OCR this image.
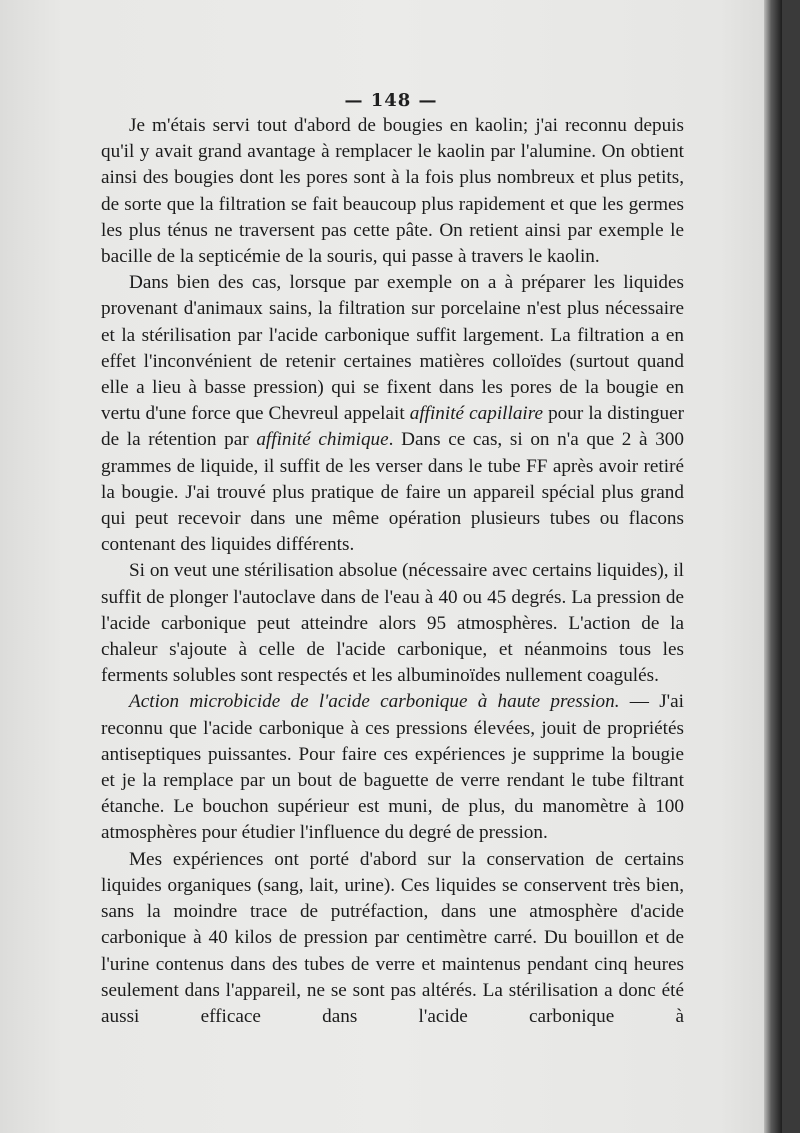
— 148 —

Je m'étais servi tout d'abord de bougies en kaolin; j'ai reconnu depuis qu'il y avait grand avantage à remplacer le kaolin par l'alumine. On obtient ainsi des bougies dont les pores sont à la fois plus nombreux et plus petits, de sorte que la filtration se fait beaucoup plus rapidement et que les germes les plus ténus ne traversent pas cette pâte. On retient ainsi par exemple le bacille de la septicémie de la souris, qui passe à travers le kaolin.

Dans bien des cas, lorsque par exemple on a à préparer les liquides provenant d'animaux sains, la filtration sur porcelaine n'est plus nécessaire et la stérilisation par l'acide carbonique suffit largement. La filtration a en effet l'inconvénient de retenir certaines matières colloïdes (surtout quand elle a lieu à basse pression) qui se fixent dans les pores de la bougie en vertu d'une force que Chevreul appelait affinité capillaire pour la distinguer de la rétention par affinité chimique. Dans ce cas, si on n'a que 2 à 300 grammes de liquide, il suffit de les verser dans le tube FF après avoir retiré la bougie. J'ai trouvé plus pratique de faire un appareil spécial plus grand qui peut recevoir dans une même opération plusieurs tubes ou flacons contenant des liquides différents.

Si on veut une stérilisation absolue (nécessaire avec certains liquides), il suffit de plonger l'autoclave dans de l'eau à 40 ou 45 degrés. La pression de l'acide carbonique peut atteindre alors 95 atmosphères. L'action de la chaleur s'ajoute à celle de l'acide carbonique, et néanmoins tous les ferments solubles sont respectés et les albuminoïdes nullement coagulés.

Action microbicide de l'acide carbonique à haute pression. — J'ai reconnu que l'acide carbonique à ces pressions élevées, jouit de propriétés antiseptiques puissantes. Pour faire ces expériences je supprime la bougie et je la remplace par un bout de baguette de verre rendant le tube filtrant étanche. Le bouchon supérieur est muni, de plus, du manomètre à 100 atmosphères pour étudier l'influence du degré de pression.

Mes expériences ont porté d'abord sur la conservation de certains liquides organiques (sang, lait, urine). Ces liquides se conservent très bien, sans la moindre trace de putréfaction, dans une atmosphère d'acide carbonique à 40 kilos de pression par centimètre carré. Du bouillon et de l'urine contenus dans des tubes de verre et maintenus pendant cinq heures seulement dans l'appareil, ne se sont pas altérés. La stérilisation a donc été aussi efficace dans l'acide carbonique à
